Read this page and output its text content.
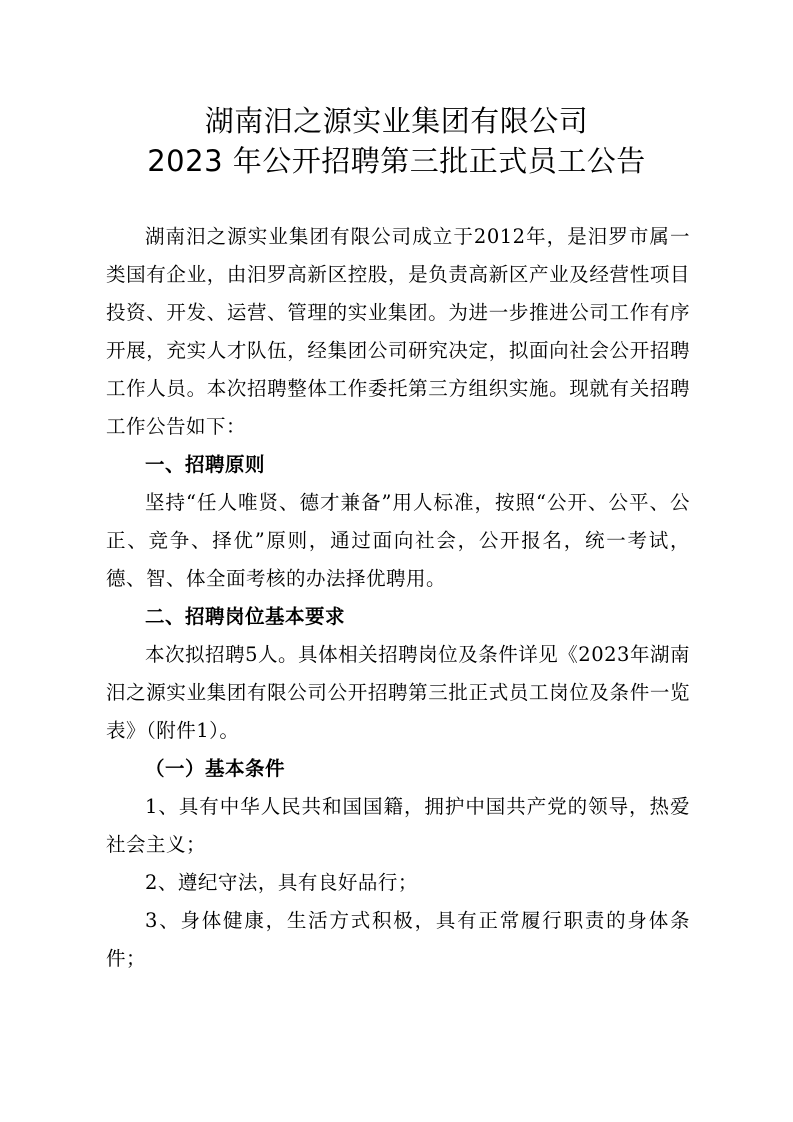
湖南汨之源实业集团有限公司
2023 年公开招聘第三批正式员工公告

湖南汨之源实业集团有限公司成立于2012年，是汨罗市属一类国有企业，由汨罗高新区控股，是负责高新区产业及经营性项目投资、开发、运营、管理的实业集团。为进一步推进公司工作有序开展，充实人才队伍，经集团公司研究决定，拟面向社会公开招聘工作人员。本次招聘整体工作委托第三方组织实施。现就有关招聘工作公告如下：

一、招聘原则

坚持“任人唯贤、德才兼备”用人标准，按照“公开、公平、公正、竞争、择优”原则，通过面向社会，公开报名，统一考试，德、智、体全面考核的办法择优聘用。

二、招聘岗位基本要求

本次拟招聘5人。具体相关招聘岗位及条件详见《2023年湖南汨之源实业集团有限公司公开招聘第三批正式员工岗位及条件一览表》（附件1）。

（一）基本条件

1、具有中华人民共和国国籍，拥护中国共产党的领导，热爱社会主义；

2、遵纪守法，具有良好品行；

3、身体健康，生活方式积极，具有正常履行职责的身体条件；
